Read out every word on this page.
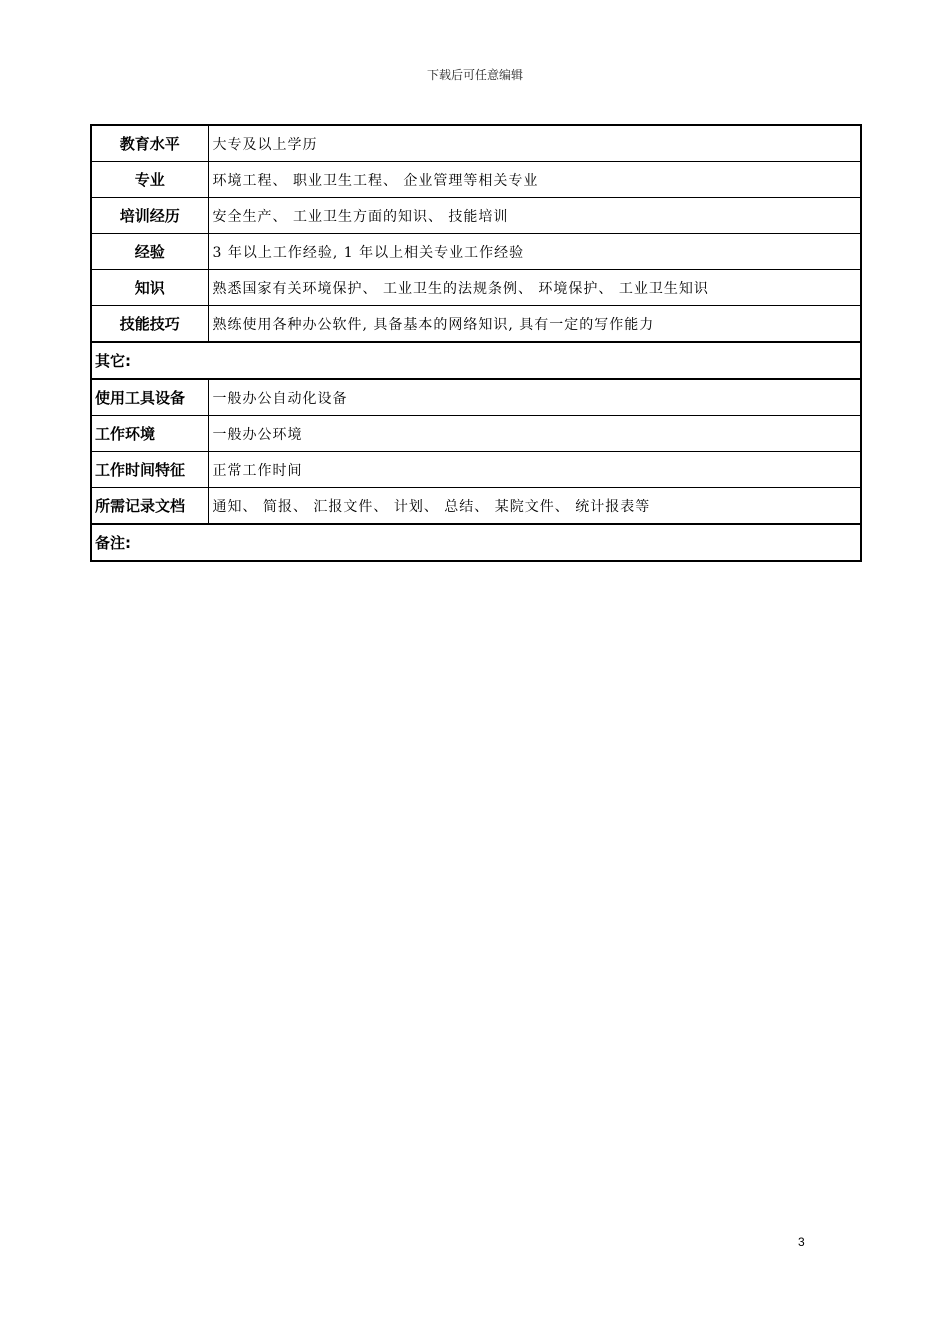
下载后可任意编辑
教育水平	大专及以上学历
专业	环境工程、 职业卫生工程、 企业管理等相关专业
培训经历	安全生产、 工业卫生方面的知识、 技能培训
经验	3 年以上工作经验, 1 年以上相关专业工作经验
知识	熟悉国家有关环境保护、 工业卫生的法规条例、 环境保护、 工业卫生知识
技能技巧	熟练使用各种办公软件, 具备基本的网络知识, 具有一定的写作能力
其它:	
使用工具设备	一般办公自动化设备
工作环境	一般办公环境
工作时间特征	正常工作时间
所需记录文档	通知、 简报、 汇报文件、 计划、 总结、 某院文件、 统计报表等
备注:	
3
